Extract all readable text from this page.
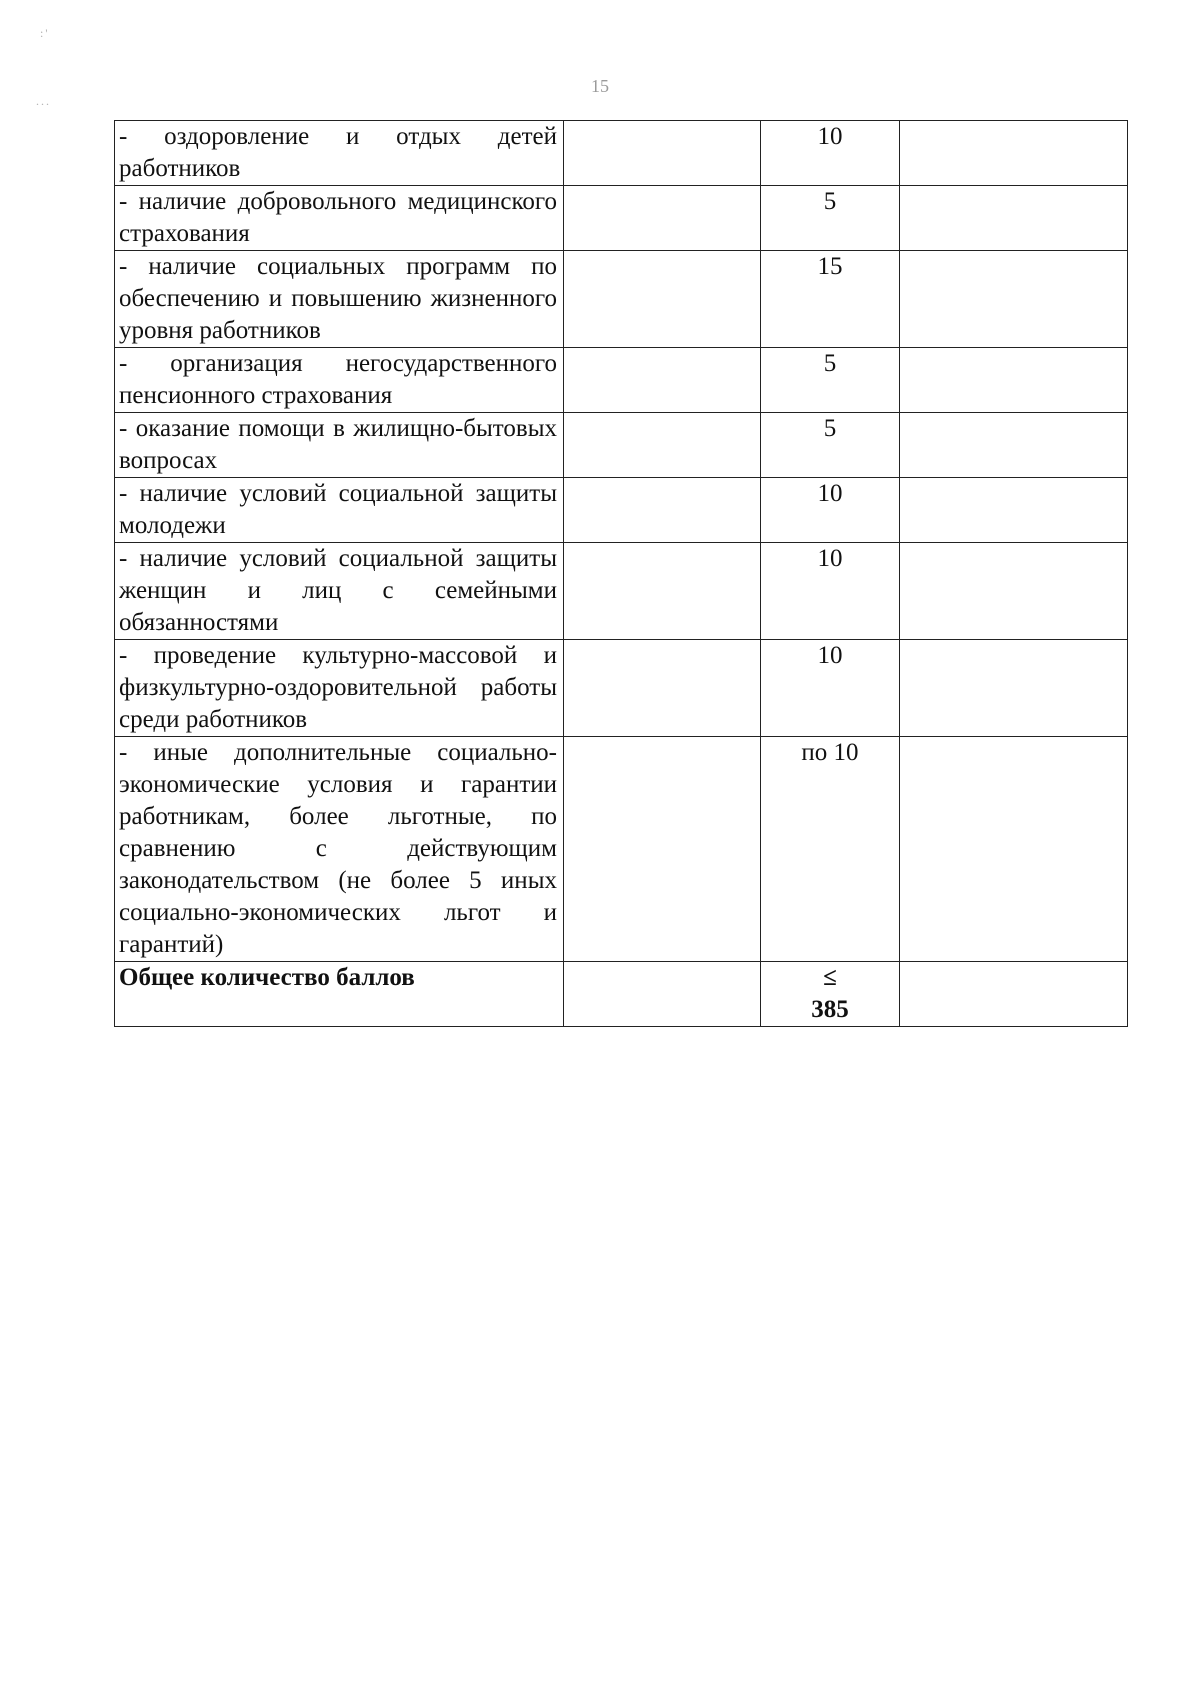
15
:'
...
- оздоровление и отдых детей работников		10	
- наличие добровольного медицинского страхования		5	
- наличие социальных программ по обеспечению и повышению жизненного уровня работников		15	
- организация негосударственного пенсионного страхования		5	
- оказание помощи в жилищно-бытовых вопросах		5	
- наличие условий социальной защиты молодежи		10	
- наличие условий социальной защиты женщин и лиц с семейными обязанностями		10	
- проведение культурно-массовой и физкультурно-оздоровительной работы среди работников		10	
- иные дополнительные социально-экономические условия и гарантии работникам, более льготные, по сравнению с действующим законодательством (не более 5 иных социально-экономических льгот и гарантий)		по 10	
Общее количество баллов		≤
385	
